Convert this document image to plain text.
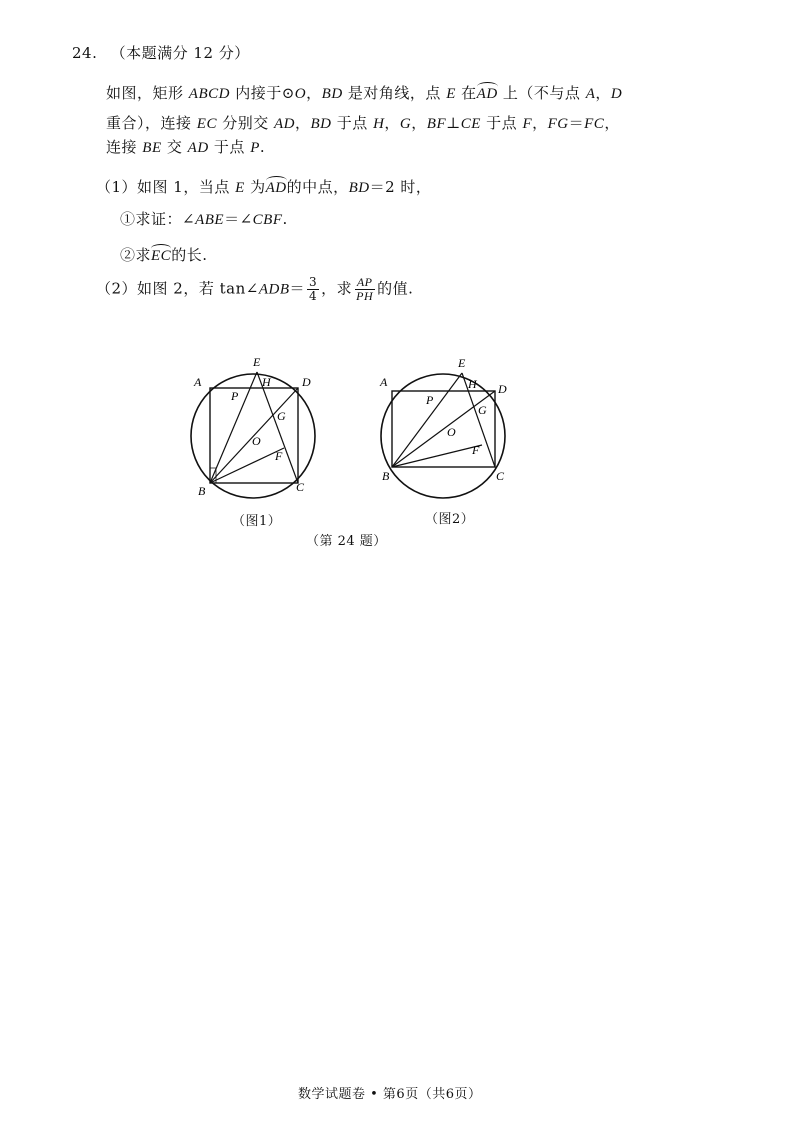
24. （本题满分 12 分）
如图，矩形 ABCD 内接于⊙O，BD 是对角线，点 E 在AD 上（不与点 A，D
重合），连接 EC 分别交 AD，BD 于点 H，G，BF⊥CE 于点 F，FG＝FC，
连接 BE 交 AD 于点 P.
（1）如图 1，当点 E 为AD的中点，BD＝2 时，
①求证：∠ABE＝∠CBF.
②求EC的长.
（2）如图 2，若 tan∠ADB＝ $\frac{3}{4}$ ，求 $\frac{AP}{PH}$ 的值.
A
E
H	D
P
G
O
F
B	C
（图1）
A
E
H D
P
G
O
F
B	C
（图2）
（第 24 题）
数学试题卷 • 第6页（共6页）
